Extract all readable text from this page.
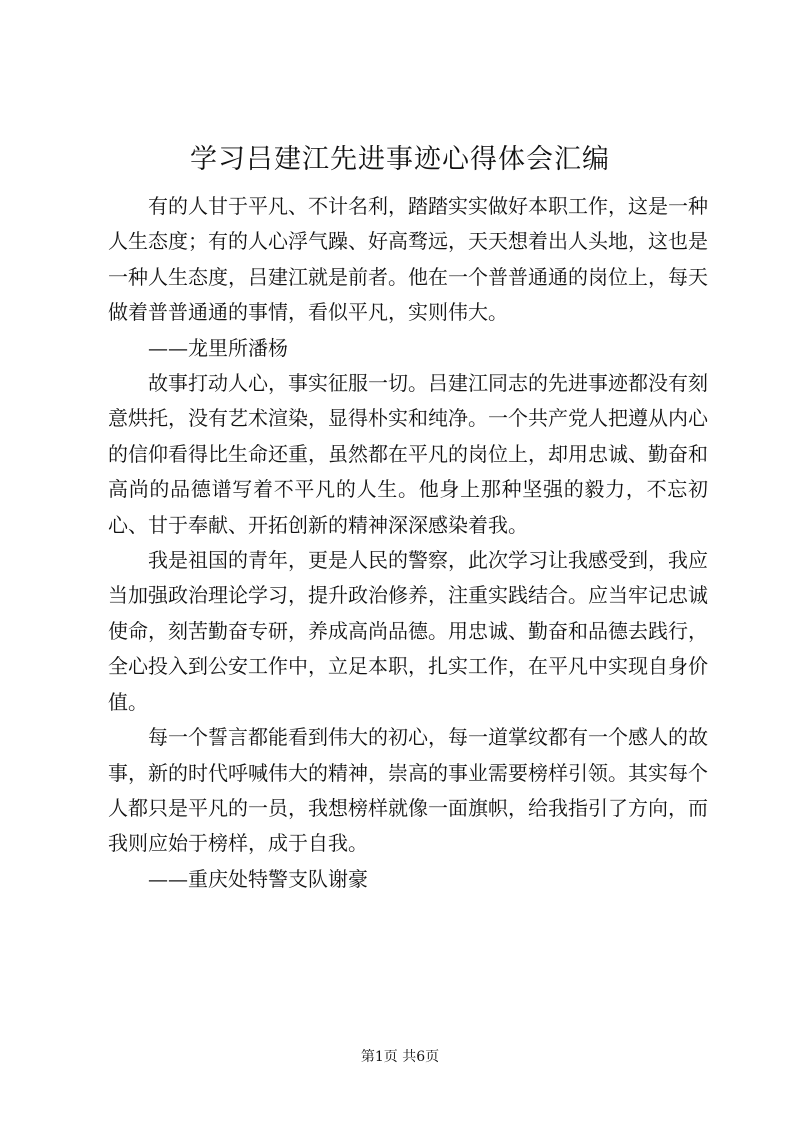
学习吕建江先进事迹心得体会汇编

有的人甘于平凡、不计名利，踏踏实实做好本职工作，这是一种人生态度；有的人心浮气躁、好高骛远，天天想着出人头地，这也是一种人生态度，吕建江就是前者。他在一个普普通通的岗位上，每天做着普普通通的事情，看似平凡，实则伟大。

——龙里所潘杨

故事打动人心，事实征服一切。吕建江同志的先进事迹都没有刻意烘托，没有艺术渲染，显得朴实和纯净。一个共产党人把遵从内心的信仰看得比生命还重，虽然都在平凡的岗位上，却用忠诚、勤奋和高尚的品德谱写着不平凡的人生。他身上那种坚强的毅力，不忘初心、甘于奉献、开拓创新的精神深深感染着我。

我是祖国的青年，更是人民的警察，此次学习让我感受到，我应当加强政治理论学习，提升政治修养，注重实践结合。应当牢记忠诚使命，刻苦勤奋专研，养成高尚品德。用忠诚、勤奋和品德去践行，全心投入到公安工作中，立足本职，扎实工作，在平凡中实现自身价值。

每一个誓言都能看到伟大的初心，每一道掌纹都有一个感人的故事，新的时代呼喊伟大的精神，崇高的事业需要榜样引领。其实每个人都只是平凡的一员，我想榜样就像一面旗帜，给我指引了方向，而我则应始于榜样，成于自我。

——重庆处特警支队谢豪

第1页 共6页
